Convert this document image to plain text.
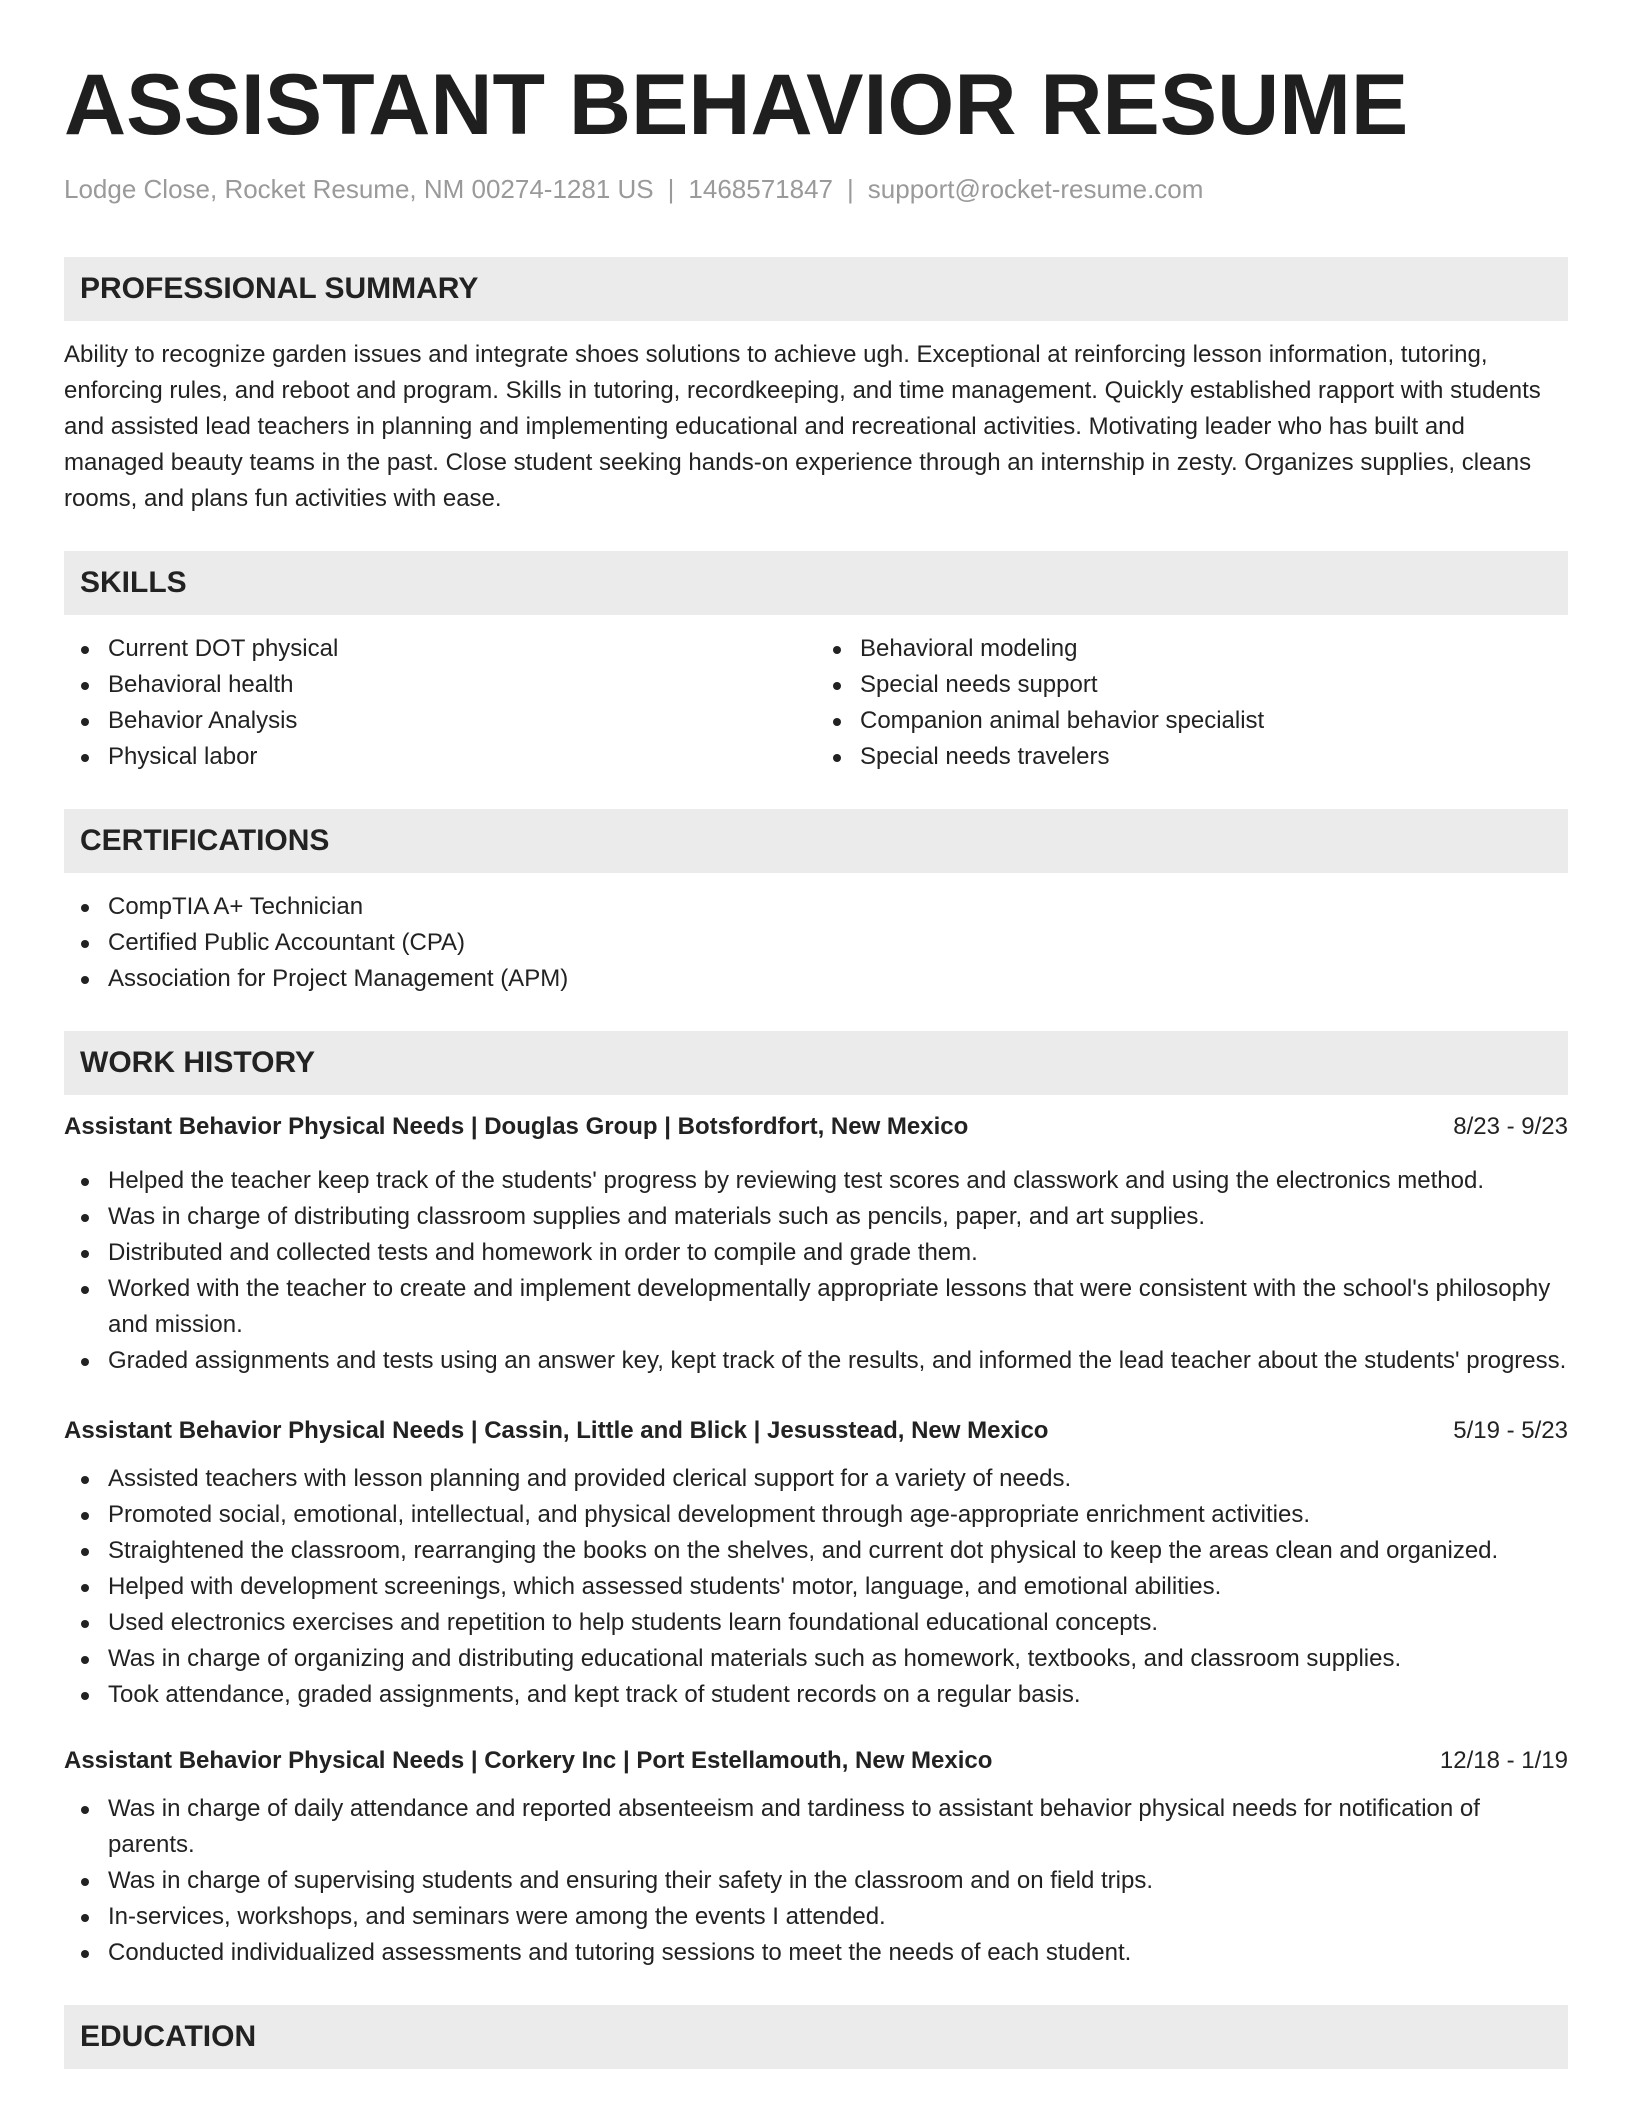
ASSISTANT BEHAVIOR RESUME
Lodge Close, Rocket Resume, NM 00274-1281 US | 1468571847 | support@rocket-resume.com
PROFESSIONAL SUMMARY

Ability to recognize garden issues and integrate shoes solutions to achieve ugh. Exceptional at reinforcing lesson information, tutoring, enforcing rules, and reboot and program. Skills in tutoring, recordkeeping, and time management. Quickly established rapport with students and assisted lead teachers in planning and implementing educational and recreational activities. Motivating leader who has built and managed beauty teams in the past. Close student seeking hands-on experience through an internship in zesty. Organizes supplies, cleans rooms, and plans fun activities with ease.

SKILLS
Current DOT physical
Behavioral health
Behavior Analysis
Physical labor
Behavioral modeling
Special needs support
Companion animal behavior specialist
Special needs travelers
CERTIFICATIONS
CompTIA A+ Technician
Certified Public Accountant (CPA)
Association for Project Management (APM)
WORK HISTORY
Assistant Behavior Physical Needs | Douglas Group | Botsfordfort, New Mexico	8/23 - 9/23
Helped the teacher keep track of the students' progress by reviewing test scores and classwork and using the electronics method.
Was in charge of distributing classroom supplies and materials such as pencils, paper, and art supplies.
Distributed and collected tests and homework in order to compile and grade them.
Worked with the teacher to create and implement developmentally appropriate lessons that were consistent with the school's philosophy and mission.
Graded assignments and tests using an answer key, kept track of the results, and informed the lead teacher about the students' progress.
Assistant Behavior Physical Needs | Cassin, Little and Blick | Jesusstead, New Mexico	5/19 - 5/23
Assisted teachers with lesson planning and provided clerical support for a variety of needs.
Promoted social, emotional, intellectual, and physical development through age-appropriate enrichment activities.
Straightened the classroom, rearranging the books on the shelves, and current dot physical to keep the areas clean and organized.
Helped with development screenings, which assessed students' motor, language, and emotional abilities.
Used electronics exercises and repetition to help students learn foundational educational concepts.
Was in charge of organizing and distributing educational materials such as homework, textbooks, and classroom supplies.
Took attendance, graded assignments, and kept track of student records on a regular basis.
Assistant Behavior Physical Needs | Corkery Inc | Port Estellamouth, New Mexico	12/18 - 1/19
Was in charge of daily attendance and reported absenteeism and tardiness to assistant behavior physical needs for notification of parents.
Was in charge of supervising students and ensuring their safety in the classroom and on field trips.
In-services, workshops, and seminars were among the events I attended.
Conducted individualized assessments and tutoring sessions to meet the needs of each student.
EDUCATION
